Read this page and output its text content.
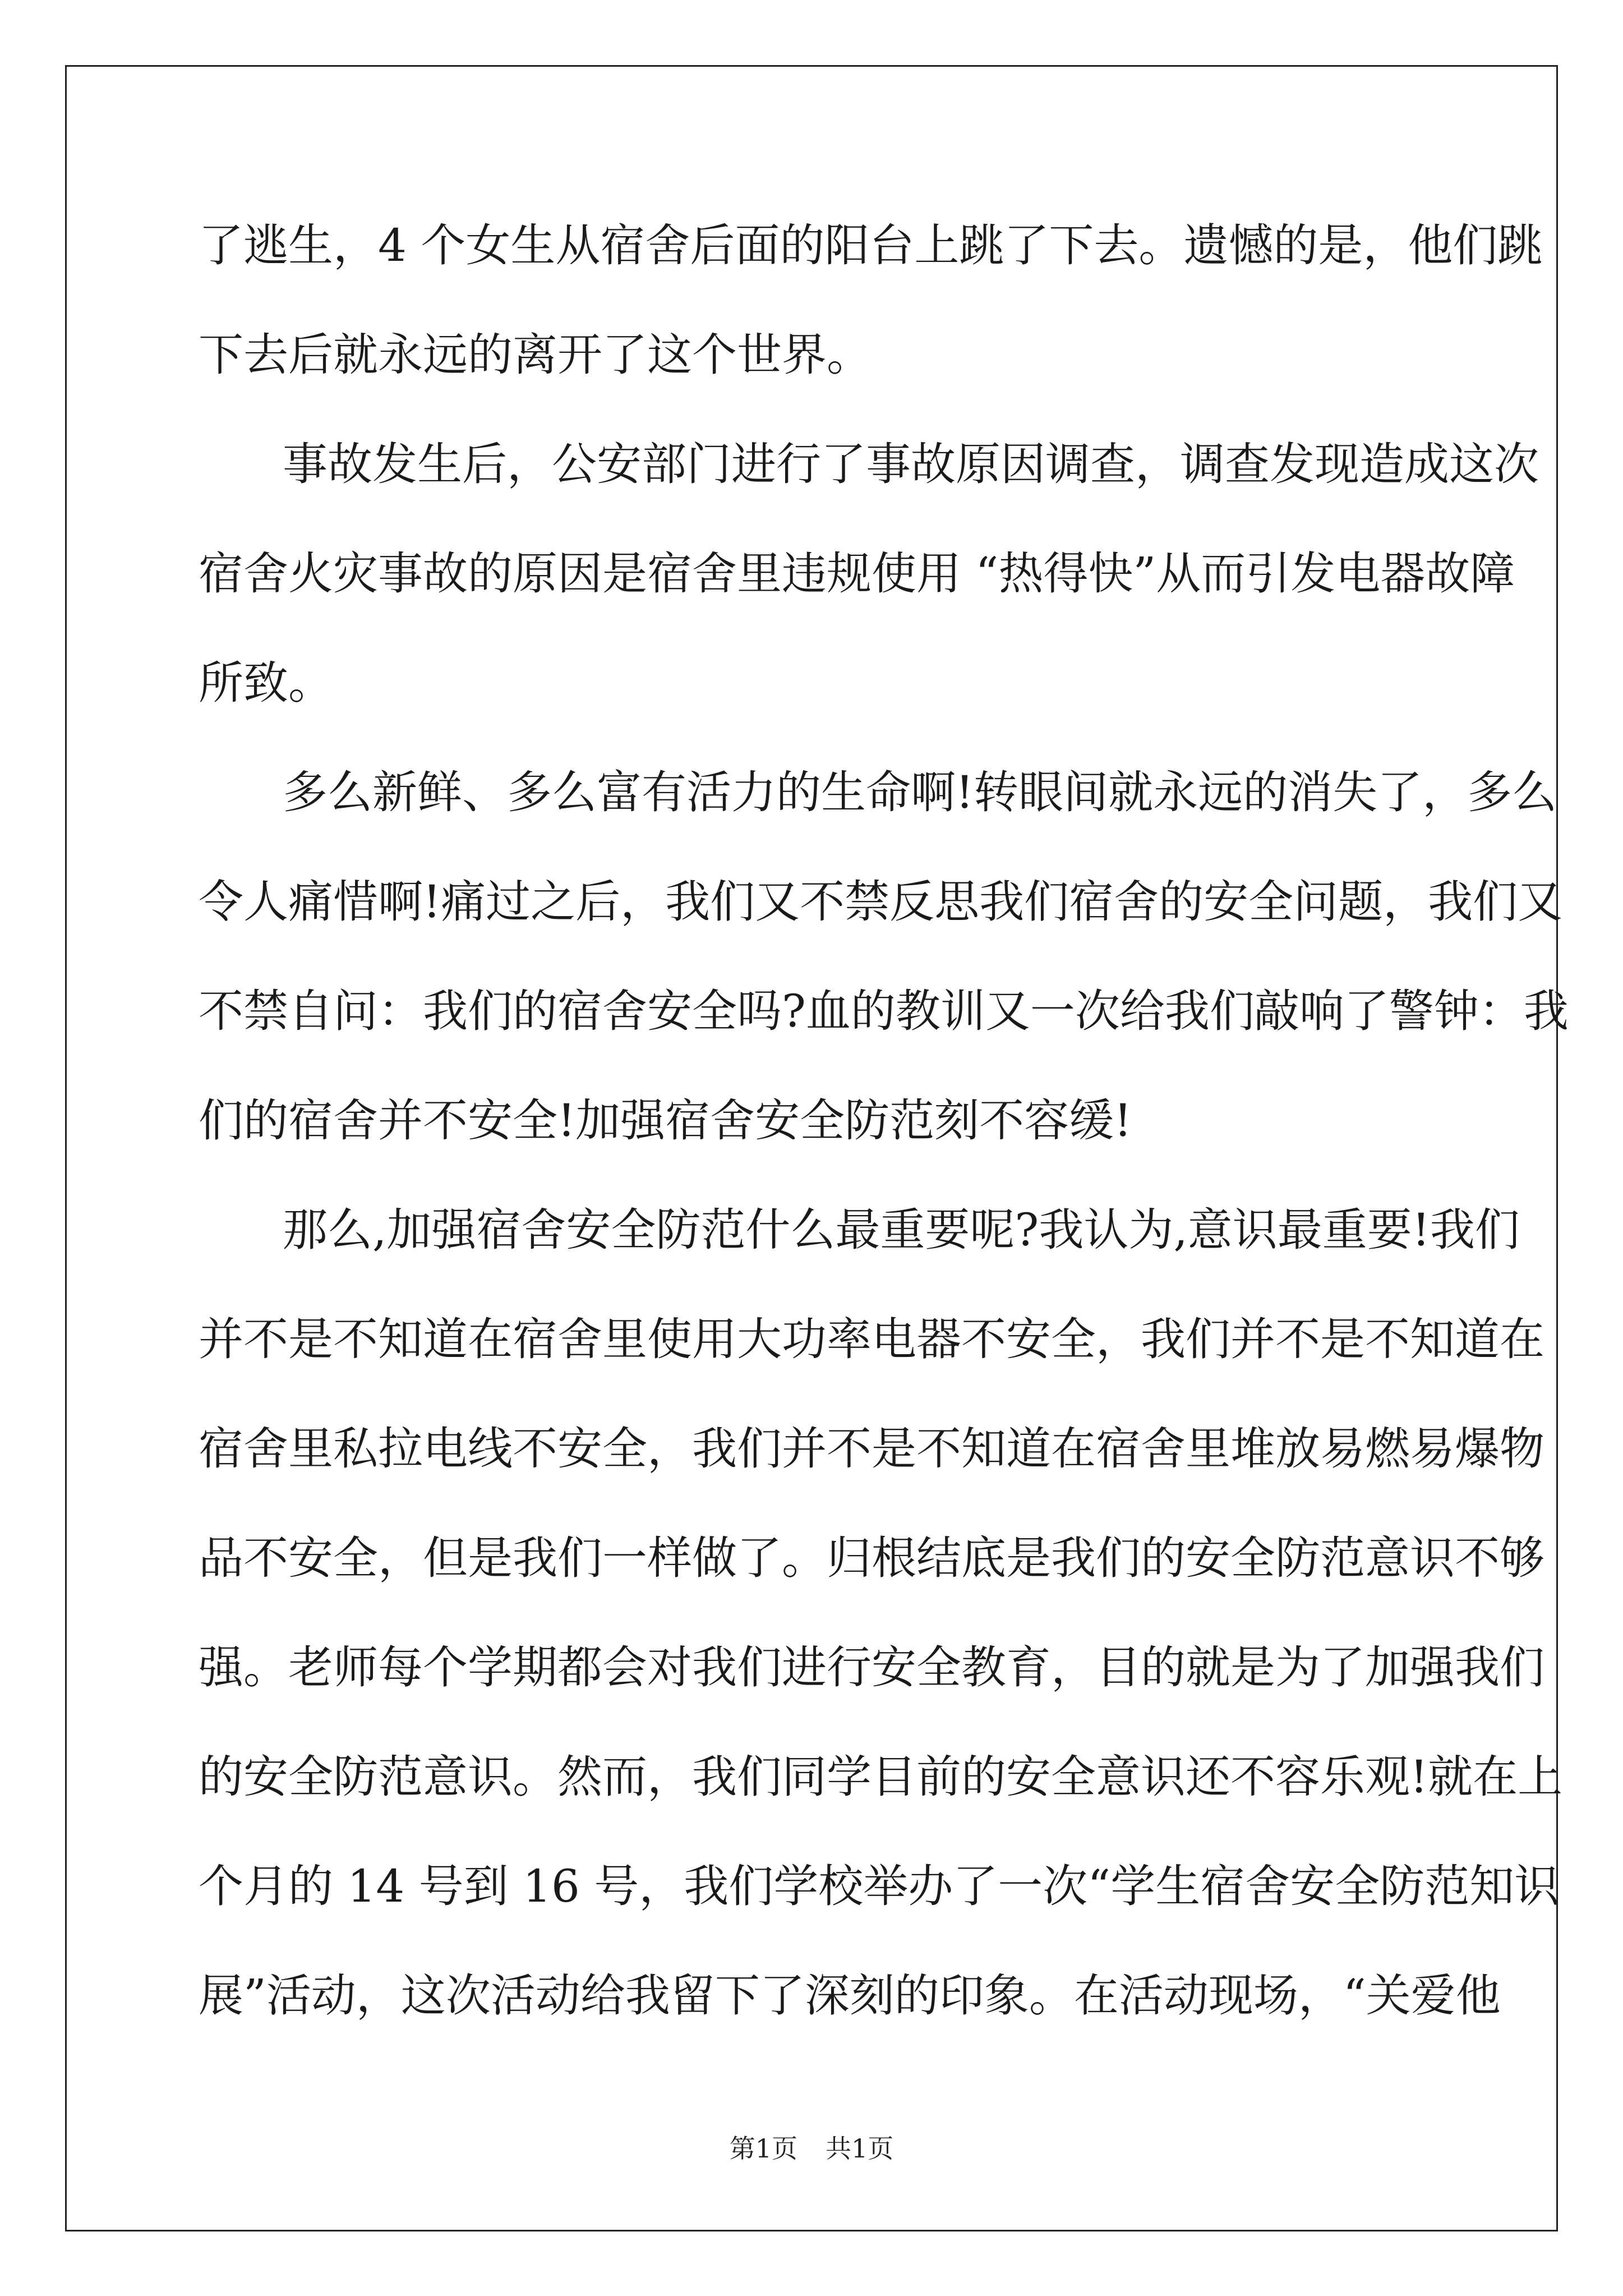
了逃生，4 个女生从宿舍后面的阳台上跳了下去。遗憾的是，他们跳
下去后就永远的离开了这个世界。
事故发生后，公安部门进行了事故原因调查，调查发现造成这次
宿舍火灾事故的原因是宿舍里违规使用 “热得快”从而引发电器故障
所致。
多么新鲜、多么富有活力的生命啊!转眼间就永远的消失了，多么
令人痛惜啊!痛过之后，我们又不禁反思我们宿舍的安全问题，我们又
不禁自问：我们的宿舍安全吗?血的教训又一次给我们敲响了警钟：我
们的宿舍并不安全!加强宿舍安全防范刻不容缓!
那么,加强宿舍安全防范什么最重要呢?我认为,意识最重要!我们
并不是不知道在宿舍里使用大功率电器不安全，我们并不是不知道在
宿舍里私拉电线不安全，我们并不是不知道在宿舍里堆放易燃易爆物
品不安全，但是我们一样做了。归根结底是我们的安全防范意识不够
强。老师每个学期都会对我们进行安全教育，目的就是为了加强我们
的安全防范意识。然而，我们同学目前的安全意识还不容乐观!就在上
个月的 14 号到 16 号，我们学校举办了一次“学生宿舍安全防范知识
展”活动，这次活动给我留下了深刻的印象。在活动现场，“关爱他
第1页 共1页
